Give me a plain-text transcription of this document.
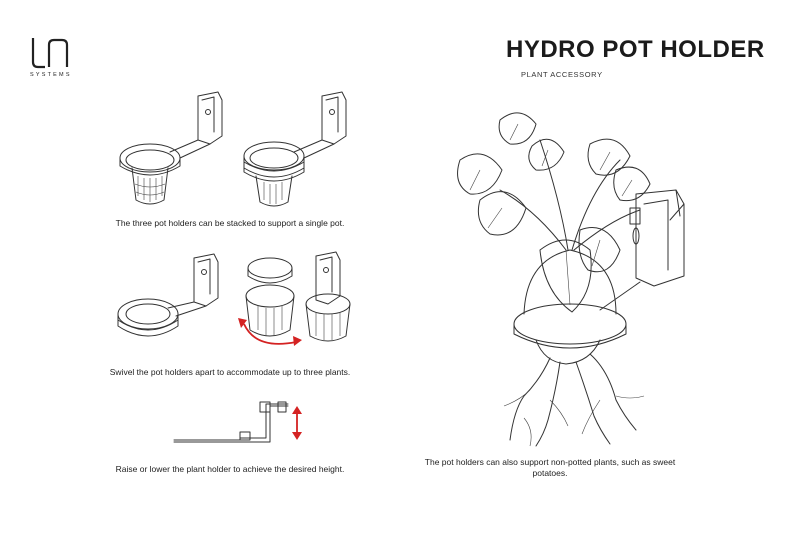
SYSTEMS
HYDRO POT HOLDER
PLANT ACCESSORY
The three pot holders can be stacked to support a single pot.
Swivel the pot holders apart to accommodate up to three plants.
Raise or lower the plant holder to achieve the desired height.
The pot holders can also support non-potted plants, such as sweet potatoes.
